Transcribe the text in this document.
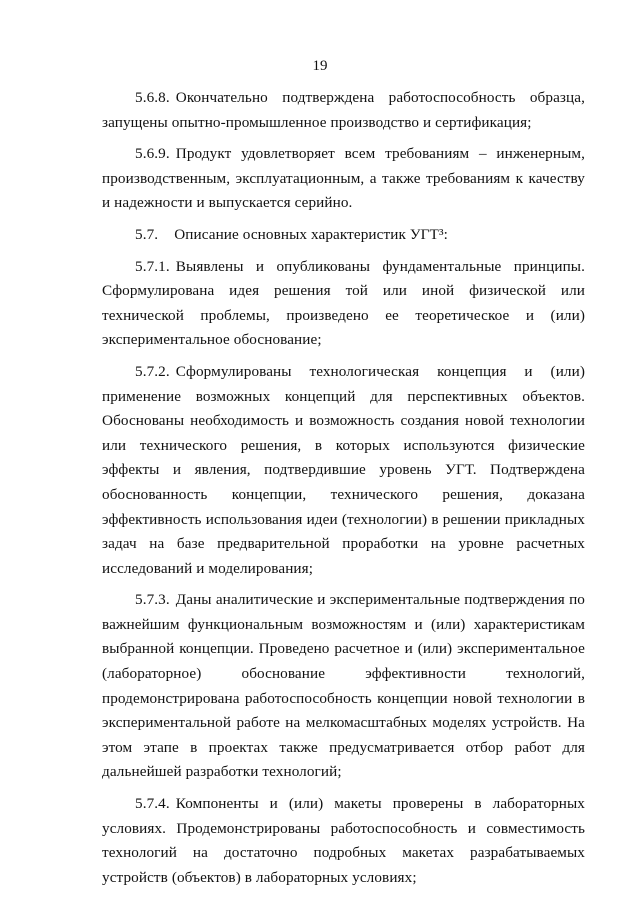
19

5.6.8. Окончательно подтверждена работоспособность образца, запущены опытно-промышленное производство и сертификация;

5.6.9. Продукт удовлетворяет всем требованиям – инженерным, производственным, эксплуатационным, а также требованиям к качеству и надежности и выпускается серийно.

5.7. Описание основных характеристик УГТ³:

5.7.1. Выявлены и опубликованы фундаментальные принципы. Сформулирована идея решения той или иной физической или технической проблемы, произведено ее теоретическое и (или) экспериментальное обоснование;

5.7.2. Сформулированы технологическая концепция и (или) применение возможных концепций для перспективных объектов. Обоснованы необходимость и возможность создания новой технологии или технического решения, в которых используются физические эффекты и явления, подтвердившие уровень УГТ. Подтверждена обоснованность концепции, технического решения, доказана эффективность использования идеи (технологии) в решении прикладных задач на базе предварительной проработки на уровне расчетных исследований и моделирования;

5.7.3. Даны аналитические и экспериментальные подтверждения по важнейшим функциональным возможностям и (или) характеристикам выбранной концепции. Проведено расчетное и (или) экспериментальное (лабораторное) обоснование эффективности технологий, продемонстрирована работоспособность концепции новой технологии в экспериментальной работе на мелкомасштабных моделях устройств. На этом этапе в проектах также предусматривается отбор работ для дальнейшей разработки технологий;

5.7.4. Компоненты и (или) макеты проверены в лабораторных условиях. Продемонстрированы работоспособность и совместимость технологий на достаточно подробных макетах разрабатываемых устройств (объектов) в лабораторных условиях;
